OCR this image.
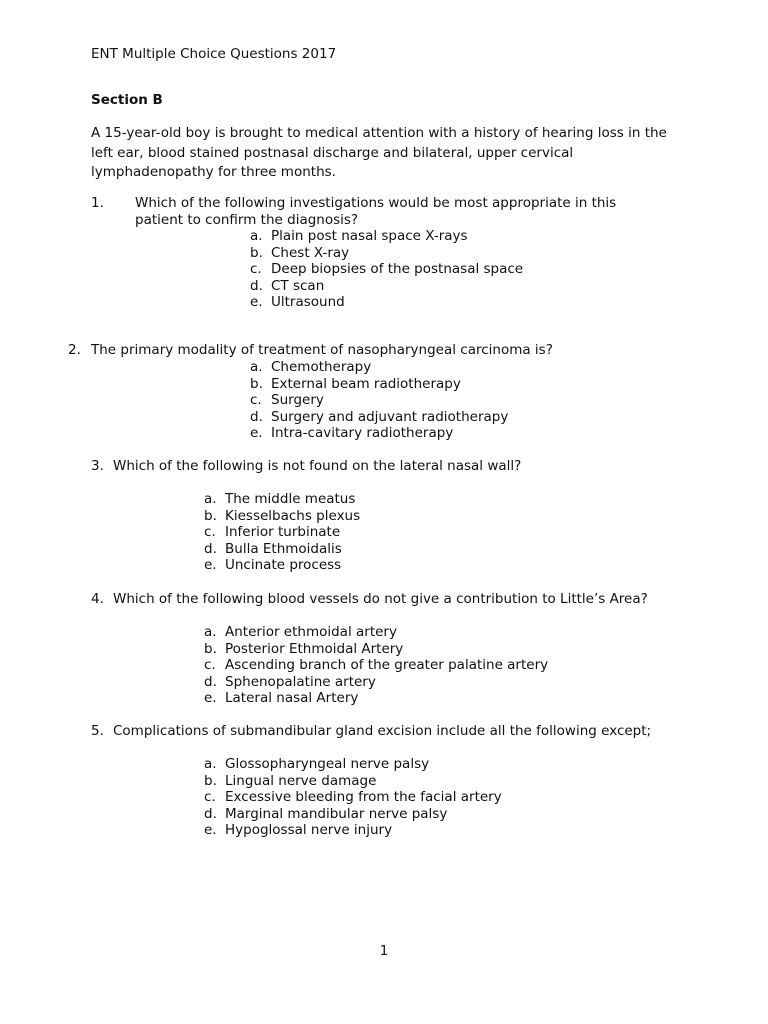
ENT Multiple Choice Questions 2017
Section B
A 15-year-old boy is brought to medical attention with a history of hearing loss in the left ear, blood stained postnasal discharge and bilateral, upper cervical lymphadenopathy for three months.
1. Which of the following investigations would be most appropriate in this
patient to confirm the diagnosis?
a. Plain post nasal space X-rays
b. Chest X-ray
c. Deep biopsies of the postnasal space
d. CT scan
e. Ultrasound
2. The primary modality of treatment of nasopharyngeal carcinoma is?
a. Chemotherapy
b. External beam radiotherapy
c. Surgery
d. Surgery and adjuvant radiotherapy
e. Intra-cavitary radiotherapy
3. Which of the following is not found on the lateral nasal wall?
a. The middle meatus
b. Kiesselbachs plexus
c. Inferior turbinate
d. Bulla Ethmoidalis
e. Uncinate process
4. Which of the following blood vessels do not give a contribution to Little’s Area?
a. Anterior ethmoidal artery
b. Posterior Ethmoidal Artery
c. Ascending branch of the greater palatine artery
d. Sphenopalatine artery
e. Lateral nasal Artery
5. Complications of submandibular gland excision include all the following except;
a. Glossopharyngeal nerve palsy
b. Lingual nerve damage
c. Excessive bleeding from the facial artery
d. Marginal mandibular nerve palsy
e. Hypoglossal nerve injury
1
